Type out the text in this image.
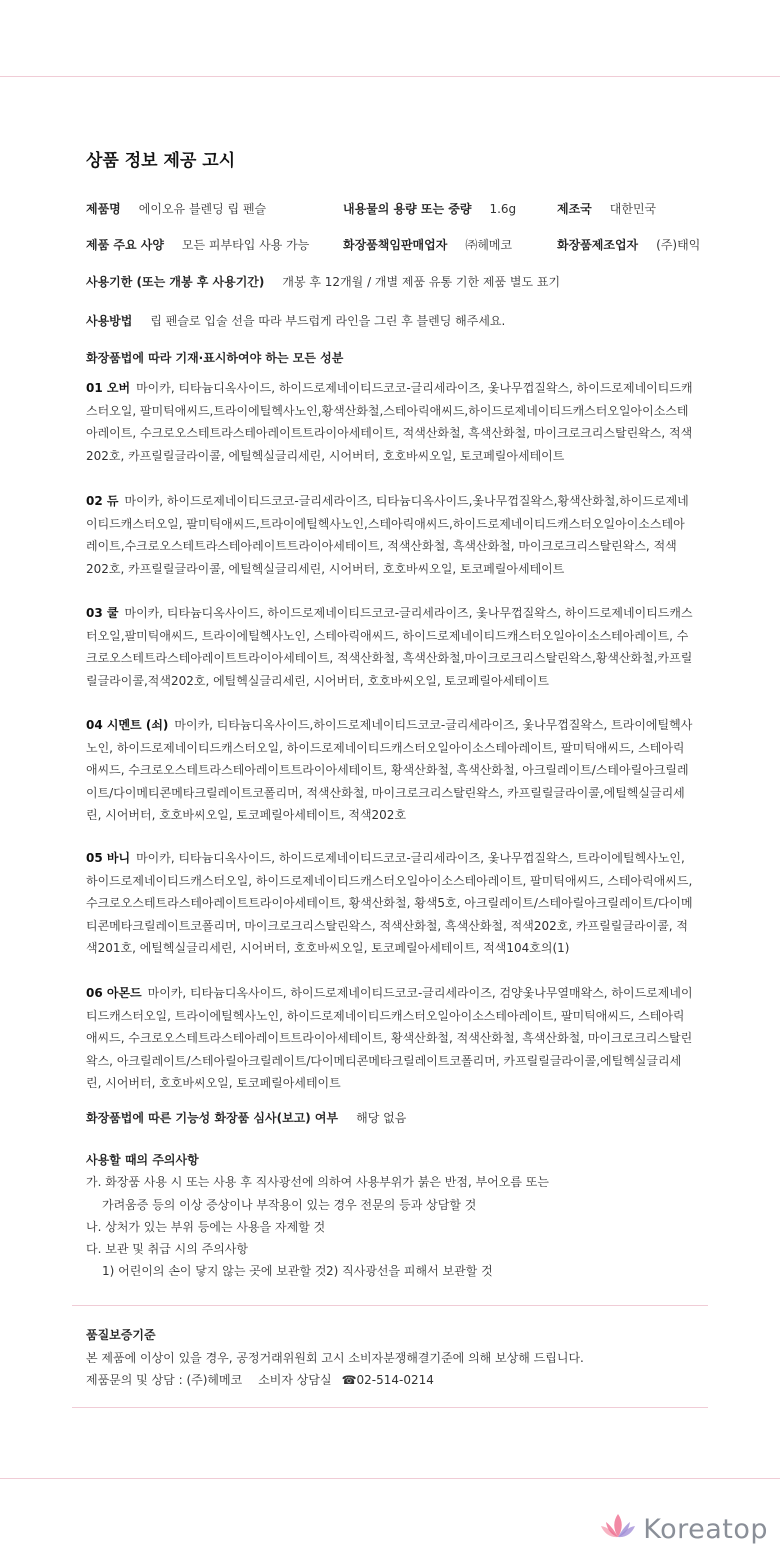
상품 정보 제공 고시
제품명 에이오유 블렌딩 립 펜슬	내용물의 용량 또는 중량 1.6g	제조국 대한민국
제품 주요 사양 모든 피부타입 사용 가능	화장품책임판매업자 ㈜헤메코	화장품제조업자 (주)태익
사용기한 (또는 개봉 후 사용기간) 개봉 후 12개월 / 개별 제품 유통 기한 제품 별도 표기
사용방법 립 펜슬로 입술 선을 따라 부드럽게 라인을 그린 후 블렌딩 해주세요.
화장품법에 따라 기재·표시하여야 하는 모든 성분
01 오버 마이카, 티타늄디옥사이드, 하이드로제네이티드코코-글리세라이즈, 옻나무껍질왁스, 하이드로제네이티드캐스터오일, 팔미틱애씨드,트라이에틸헥사노인,황색산화철,스테아릭애씨드,하이드로제네이티드캐스터오일아이소스테아레이트, 수크로오스테트라스테아레이트트라이아세테이트, 적색산화철, 흑색산화철, 마이크로크리스탈린왁스, 적색202호, 카프릴릴글라이콜, 에틸헥실글리세린, 시어버터, 호호바씨오일, 토코페릴아세테이트
02 듀 마이카, 하이드로제네이티드코코-글리세라이즈, 티타늄디옥사이드,옻나무껍질왁스,황색산화철,하이드로제네이티드캐스터오일, 팔미틱애씨드,트라이에틸헥사노인,스테아릭애씨드,하이드로제네이티드캐스터오일아이소스테아레이트,수크로오스테트라스테아레이트트라이아세테이트, 적색산화철, 흑색산화철, 마이크로크리스탈린왁스, 적색202호, 카프릴릴글라이콜, 에틸헥실글리세린, 시어버터, 호호바씨오일, 토코페릴아세테이트
03 쿨 마이카, 티타늄디옥사이드, 하이드로제네이티드코코-글리세라이즈, 옻나무껍질왁스, 하이드로제네이티드캐스터오일,팔미틱애씨드, 트라이에틸헥사노인, 스테아릭애씨드, 하이드로제네이티드캐스터오일아이소스테아레이트, 수크로오스테트라스테아레이트트라이아세테이트, 적색산화철, 흑색산화철,마이크로크리스탈린왁스,황색산화철,카프릴릴글라이콜,적색202호, 에틸헥실글리세린, 시어버터, 호호바씨오일, 토코페릴아세테이트
04 시멘트 (쇠) 마이카, 티타늄디옥사이드,하이드로제네이티드코코-글리세라이즈, 옻나무껍질왁스, 트라이에틸헥사노인, 하이드로제네이티드캐스터오일, 하이드로제네이티드캐스터오일아이소스테아레이트, 팔미틱애씨드, 스테아릭애씨드, 수크로오스테트라스테아레이트트라이아세테이트, 황색산화철, 흑색산화철, 아크릴레이트/스테아릴아크릴레이트/다이메티콘메타크릴레이트코폴리머, 적색산화철, 마이크로크리스탈린왁스, 카프릴릴글라이콜,에틸헥실글리세린, 시어버터, 호호바씨오일, 토코페릴아세테이트, 적색202호
05 바니 마이카, 티타늄디옥사이드, 하이드로제네이티드코코-글리세라이즈, 옻나무껍질왁스, 트라이에틸헥사노인, 하이드로제네이티드캐스터오일, 하이드로제네이티드캐스터오일아이소스테아레이트, 팔미틱애씨드, 스테아릭애씨드, 수크로오스테트라스테아레이트트라이아세테이트, 황색산화철, 황색5호, 아크릴레이트/스테아릴아크릴레이트/다이메티콘메타크릴레이트코폴리머, 마이크로크리스탈린왁스, 적색산화철, 흑색산화철, 적색202호, 카프릴릴글라이콜, 적색201호, 에틸헥실글리세린, 시어버터, 호호바씨오일, 토코페릴아세테이트, 적색104호의(1)
06 아몬드 마이카, 티타늄디옥사이드, 하이드로제네이티드코코-글리세라이즈, 검양옻나무열매왁스, 하이드로제네이티드캐스터오일, 트라이에틸헥사노인, 하이드로제네이티드캐스터오일아이소스테아레이트, 팔미틱애씨드, 스테아릭애씨드, 수크로오스테트라스테아레이트트라이아세테이트, 황색산화철, 적색산화철, 흑색산화철, 마이크로크리스탈린왁스, 아크릴레이트/스테아릴아크릴레이트/다이메티콘메타크릴레이트코폴리머, 카프릴릴글라이콜,에틸헥실글리세린, 시어버터, 호호바씨오일, 토코페릴아세테이트
화장품법에 따른 기능성 화장품 심사(보고) 여부 해당 없음
사용할 때의 주의사항
가. 화장품 사용 시 또는 사용 후 직사광선에 의하여 사용부위가 붉은 반점, 부어오름 또는
가려움증 등의 이상 증상이나 부작용이 있는 경우 전문의 등과 상담할 것
나. 상처가 있는 부위 등에는 사용을 자제할 것
다. 보관 및 취급 시의 주의사항
1) 어린이의 손이 닿지 않는 곳에 보관할 것 2) 직사광선을 피해서 보관할 것
품질보증기준
본 제품에 이상이 있을 경우, 공정거래위원회 고시 소비자분쟁해결기준에 의해 보상해 드립니다.
제품문의 및 상담 : (주)헤메코 소비자 상담실 ☎02-514-0214
Koreatop
